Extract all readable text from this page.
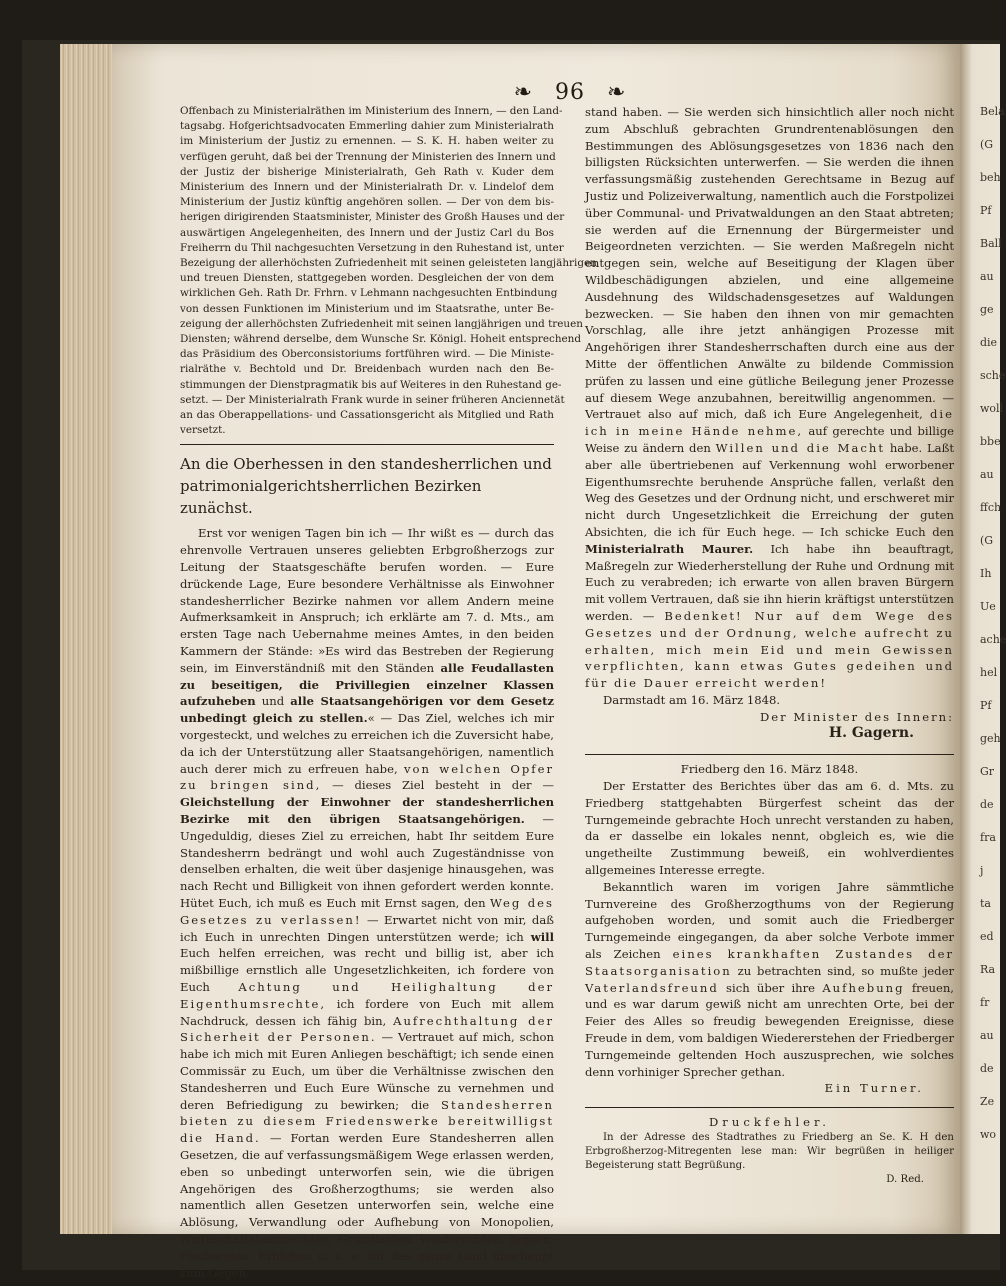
Bela
(G
beh
Pf
Ball
au
ge
die
sche
woll
bbe
au
ffch
(G
Ih
Ue
ache
hel
Pf
geh
Gr
de
fra
j
ta
ed
Ra
fr
au
de
Ze
wo
❧ 96 ❧
Offenbach zu Ministerialräthen im Ministerium des Innern, — den Land-
tagsabg. Hofgerichtsadvocaten Emmerling dahier zum Ministerialrath
im Ministerium der Justiz zu ernennen. — S. K. H. haben weiter zu
verfügen geruht, daß bei der Trennung der Ministerien des Innern und
der Justiz der bisherige Ministerialrath, Geh Rath v. Kuder dem
Ministerium des Innern und der Ministerialrath Dr. v. Lindelof dem
Ministerium der Justiz künftig angehören sollen. — Der von dem bis-
herigen dirigirenden Staatsminister, Minister des Großh Hauses und der
auswärtigen Angelegenheiten, des Innern und der Justiz Carl du Bos
Freiherrn du Thil nachgesuchten Versetzung in den Ruhestand ist, unter
Bezeigung der allerhöchsten Zufriedenheit mit seinen geleisteten langjährigen
und treuen Diensten, stattgegeben worden. Desgleichen der von dem
wirklichen Geh. Rath Dr. Frhrn. v Lehmann nachgesuchten Entbindung
von dessen Funktionen im Ministerium und im Staatsrathe, unter Be-
zeigung der allerhöchsten Zufriedenheit mit seinen langjährigen und treuen
Diensten; während derselbe, dem Wunsche Sr. Königl. Hoheit entsprechend
das Präsidium des Oberconsistoriums fortführen wird. — Die Ministe-
rialräthe v. Bechtold und Dr. Breidenbach wurden nach den Be-
stimmungen der Dienstpragmatik bis auf Weiteres in den Ruhestand ge-
setzt. — Der Ministerialrath Frank wurde in seiner früheren Anciennetät
an das Oberappellations- und Cassationsgericht als Mitglied und Rath
versetzt.
An die Oberhessen in den standesherrlichen und patrimonialgerichtsherrlichen Bezirken zunächst.

Erst vor wenigen Tagen bin ich — Ihr wißt es — durch das ehrenvolle Vertrauen unseres geliebten Erbgroßherzogs zur Leitung der Staatsgeschäfte berufen worden. — Eure drückende Lage, Eure besondere Verhältnisse als Einwohner standesherrlicher Bezirke nahmen vor allem Andern meine Aufmerksamkeit in Anspruch; ich erklärte am 7. d. Mts., am ersten Tage nach Uebernahme meines Amtes, in den beiden Kammern der Stände: »Es wird das Bestreben der Regierung sein, im Einverständniß mit den Ständen alle Feudallasten zu beseitigen, die Privillegien einzelner Klassen aufzuheben und alle Staatsangehörigen vor dem Gesetz unbedingt gleich zu stellen.« — Das Ziel, welches ich mir vorgesteckt, und welches zu erreichen ich die Zuversicht habe, da ich der Unterstützung aller Staatsangehörigen, namentlich auch derer mich zu erfreuen habe, von welchen Opfer zu bringen sind, — dieses Ziel besteht in der — Gleichstellung der Einwohner der standesherrlichen Bezirke mit den übrigen Staatsangehörigen. — Ungeduldig, dieses Ziel zu erreichen, habt Ihr seitdem Eure Standesherrn bedrängt und wohl auch Zugeständnisse von denselben erhalten, die weit über dasjenige hinausgehen, was nach Recht und Billigkeit von ihnen gefordert werden konnte. Hütet Euch, ich muß es Euch mit Ernst sagen, den Weg des Gesetzes zu verlassen! — Erwartet nicht von mir, daß ich Euch in unrechten Dingen unterstützen werde; ich will Euch helfen erreichen, was recht und billig ist, aber ich mißbillige ernstlich alle Ungesetzlichkeiten, ich fordere von Euch Achtung und Heilighaltung der Eigenthumsrechte, ich fordere von Euch mit allem Nachdruck, dessen ich fähig bin, Aufrechthaltung der Sicherheit der Personen. — Vertrauet auf mich, schon habe ich mich mit Euren Anliegen beschäftigt; ich sende einen Commissär zu Euch, um über die Verhältnisse zwischen den Standesherren und Euch Eure Wünsche zu vernehmen und deren Befriedigung zu bewirken; die Standesherren bieten zu diesem Friedenswerke bereitwilligst die Hand. — Fortan werden Eure Standesherren allen Gesetzen, die auf verfassungsmäßigem Wege erlassen werden, eben so unbedingt unterworfen sein, wie die übrigen Angehörigen des Großherzogthums; sie werden also namentlich allen Gesetzen unterworfen sein, welche eine Ablösung, Verwandlung oder Aufhebung von Monopolien, Wirthschaftsbannrechten, Grundlasten, Weiderechten, Jagden, Fischereien, Erblehen u. s. w. für das ganze Land überhaupt zum Gegen-

stand haben. — Sie werden sich hinsichtlich aller noch nicht zum Abschluß gebrachten Grundrentenablösungen den Bestimmungen des Ablösungsgesetzes von 1836 nach den billigsten Rücksichten unterwerfen. — Sie werden die ihnen verfassungsmäßig zustehenden Gerechtsame in Bezug auf Justiz und Polizeiverwaltung, namentlich auch die Forstpolizei über Communal- und Privatwaldungen an den Staat abtreten; sie werden auf die Ernennung der Bürgermeister und Beigeordneten verzichten. — Sie werden Maßregeln nicht entgegen sein, welche auf Beseitigung der Klagen über Wildbeschädigungen abzielen, und eine allgemeine Ausdehnung des Wildschadensgesetzes auf Waldungen bezwecken. — Sie haben den ihnen von mir gemachten Vorschlag, alle ihre jetzt anhängigen Prozesse mit Angehörigen ihrer Standesherrschaften durch eine aus der Mitte der öffentlichen Anwälte zu bildende Commission prüfen zu lassen und eine gütliche Beilegung jener Prozesse auf diesem Wege anzubahnen, bereitwillig angenommen. — Vertrauet also auf mich, daß ich Eure Angelegenheit, die ich in meine Hände nehme, auf gerechte und billige Weise zu ändern den Willen und die Macht habe. Laßt aber alle übertriebenen auf Verkennung wohl erworbener Eigenthumsrechte beruhende Ansprüche fallen, verlaßt den Weg des Gesetzes und der Ordnung nicht, und erschweret mir nicht durch Ungesetzlichkeit die Erreichung der guten Absichten, die ich für Euch hege. — Ich schicke Euch den Ministerialrath Maurer. Ich habe ihn beauftragt, Maßregeln zur Wiederherstellung der Ruhe und Ordnung mit Euch zu verabreden; ich erwarte von allen braven Bürgern mit vollem Vertrauen, daß sie ihn hierin kräftigst unterstützen werden. — Bedenket! Nur auf dem Wege des Gesetzes und der Ordnung, welche aufrecht zu erhalten, mich mein Eid und mein Gewissen verpflichten, kann etwas Gutes gedeihen und für die Dauer erreicht werden!

Darmstadt am 16. März 1848.

Der Minister des Innern:

H. Gagern.

Friedberg den 16. März 1848.

Der Erstatter des Berichtes über das am 6. d. Mts. zu Friedberg stattgehabten Bürgerfest scheint das der Turngemeinde gebrachte Hoch unrecht verstanden zu haben, da er dasselbe ein lokales nennt, obgleich es, wie die ungetheilte Zustimmung beweiß, ein wohlverdientes allgemeines Interesse erregte.

Bekanntlich waren im vorigen Jahre sämmtliche Turnvereine des Großherzogthums von der Regierung aufgehoben worden, und somit auch die Friedberger Turngemeinde eingegangen, da aber solche Verbote immer als Zeichen eines krankhaften Zustandes der Staatsorganisation zu betrachten sind, so mußte jeder Vaterlandsfreund sich über ihre Aufhebung freuen, und es war darum gewiß nicht am unrechten Orte, bei der Feier des Alles so freudig bewegenden Ereignisse, diese Freude in dem, vom baldigen Wiedererstehen der Friedberger Turngemeinde geltenden Hoch auszusprechen, wie solches denn vorhiniger Sprecher gethan.

Ein Turner.

Druckfehler.

In der Adresse des Stadtrathes zu Friedberg an Se. K. H den Erbgroßherzog-Mitregenten lese man: Wir begrüßen in heiliger Begeisterung statt Begrüßung.

D. Red.
